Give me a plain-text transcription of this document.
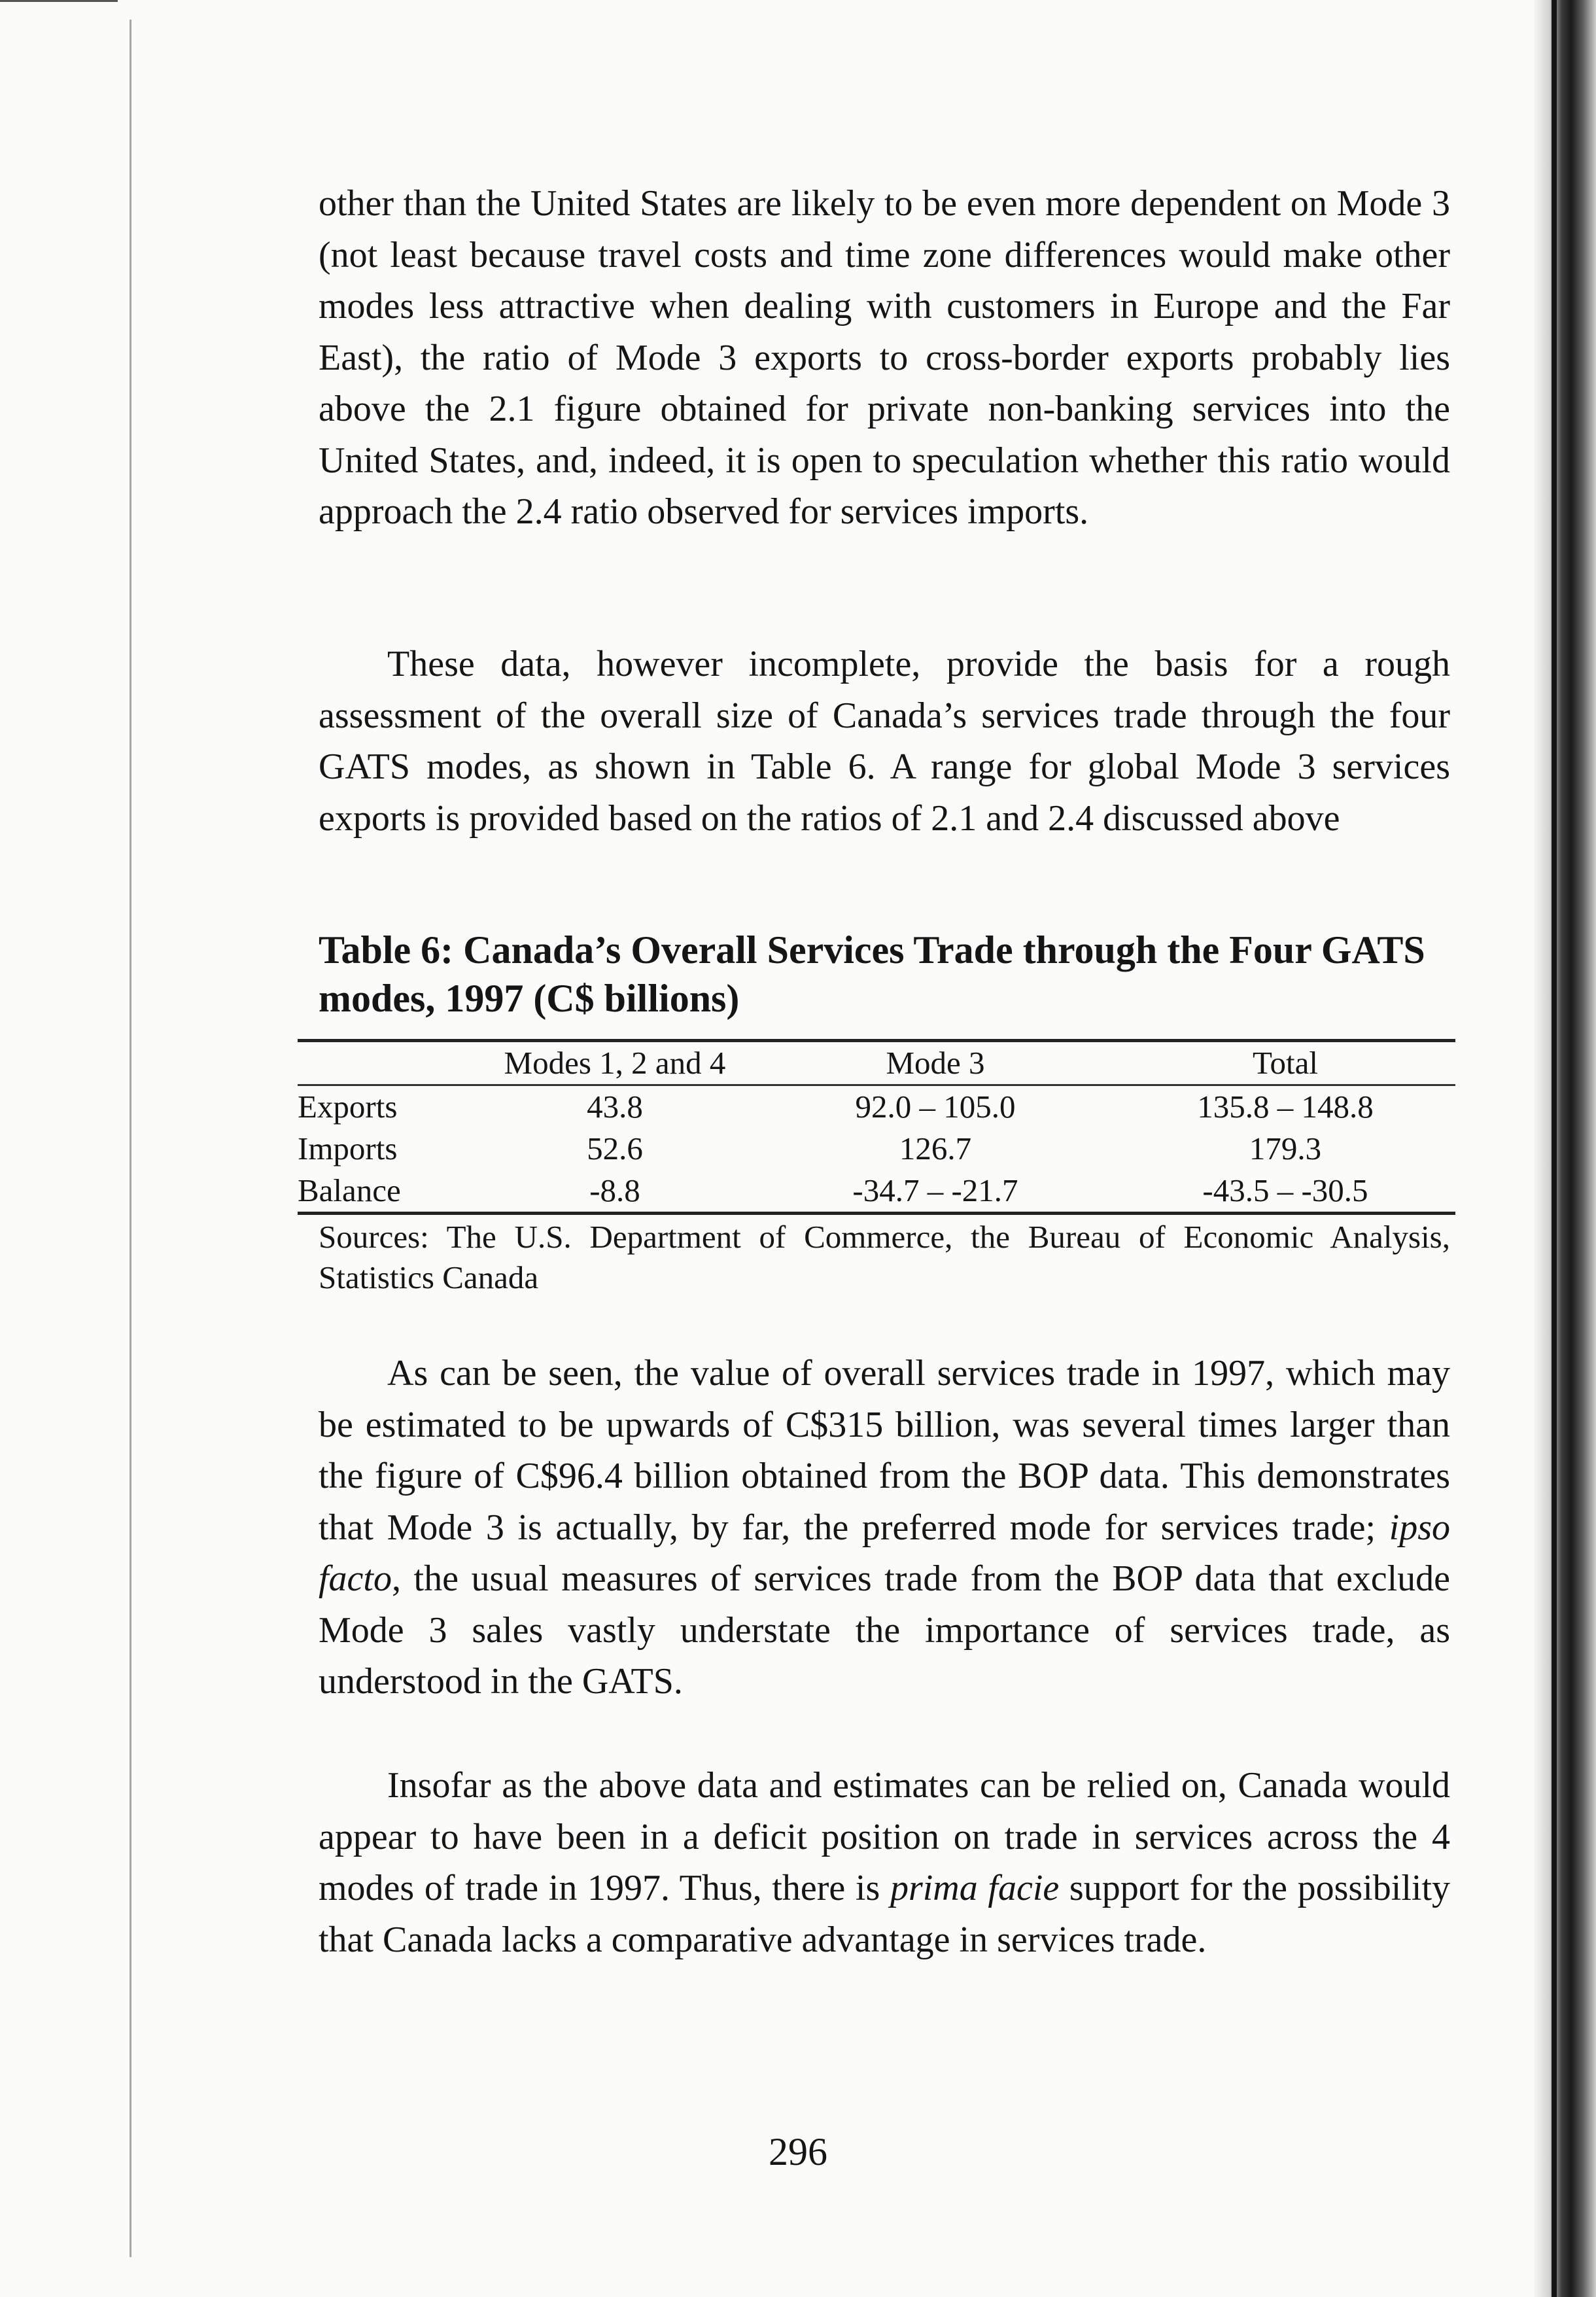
other than the United States are likely to be even more dependent on Mode 3 (not least because travel costs and time zone differences would make other modes less attractive when dealing with customers in Europe and the Far East), the ratio of Mode 3 exports to cross-border exports probably lies above the 2.1 figure obtained for private non-banking services into the United States, and, indeed, it is open to speculation whether this ratio would approach the 2.4 ratio observed for services imports.

These data, however incomplete, provide the basis for a rough assessment of the overall size of Canada’s services trade through the four GATS modes, as shown in Table 6. A range for global Mode 3 services exports is provided based on the ratios of 2.1 and 2.4 discussed above

Table 6: Canada’s Overall Services Trade through the Four GATS modes, 1997 (C$ billions)
	Modes 1, 2 and 4	Mode 3	Total
Exports	43.8	92.0 – 105.0	135.8 – 148.8
Imports	52.6	126.7	179.3
Balance	-8.8	-34.7 – -21.7	-43.5 – -30.5

Sources: The U.S. Department of Commerce, the Bureau of Economic Analysis, Statistics Canada

As can be seen, the value of overall services trade in 1997, which may be estimated to be upwards of C$315 billion, was several times larger than the figure of C$96.4 billion obtained from the BOP data. This demonstrates that Mode 3 is actually, by far, the preferred mode for services trade; ipso facto, the usual measures of services trade from the BOP data that exclude Mode 3 sales vastly understate the importance of services trade, as understood in the GATS.

Insofar as the above data and estimates can be relied on, Canada would appear to have been in a deficit position on trade in services across the 4 modes of trade in 1997. Thus, there is prima facie support for the possibility that Canada lacks a comparative advantage in services trade.

296
